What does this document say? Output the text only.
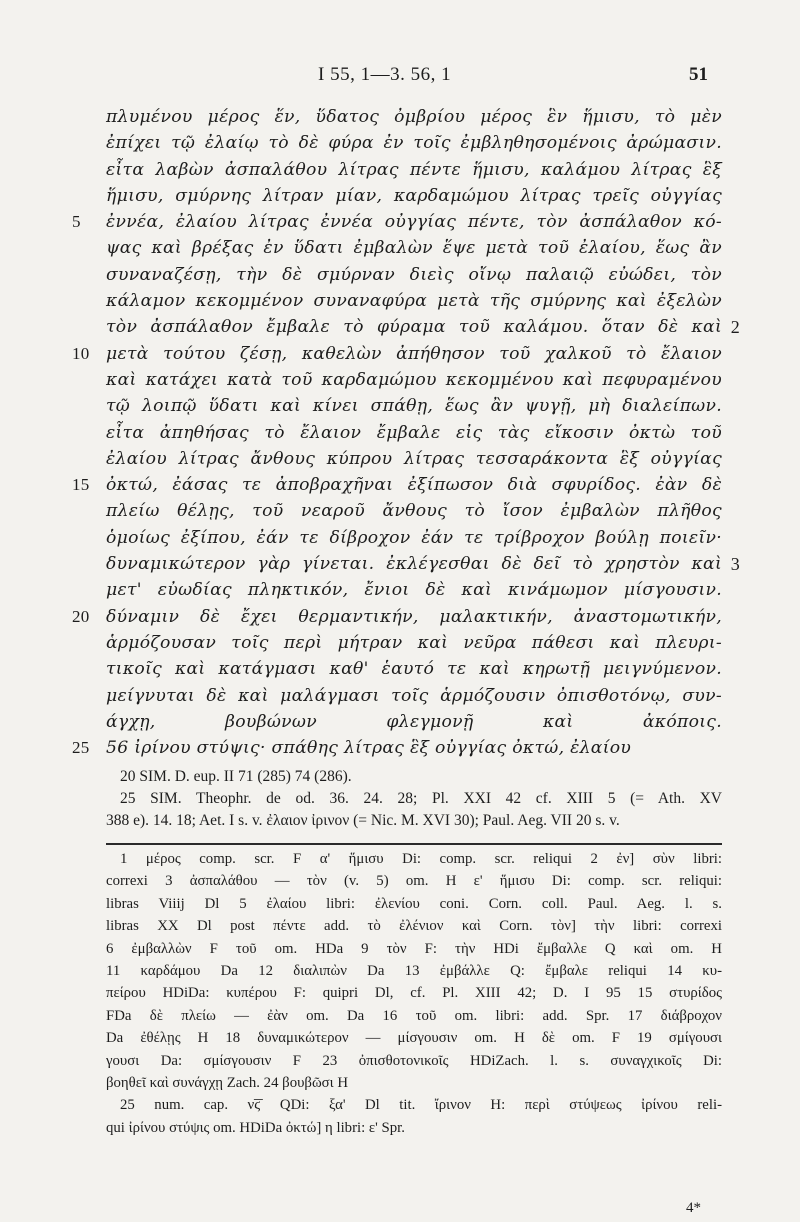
I 55, 1—3. 56, 1	51
πλυμένου μέρος ἕν, ὕδατος ὀμβρίου μέρος ἓν ἥμισυ, τὸ μὲν
ἐπίχει τῷ ἐλαίῳ τὸ δὲ φύρα ἐν τοῖς ἐμβληθησομένοις ἀρώμασιν.
εἶτα λαβὼν ἀσπαλάθου λίτρας πέντε ἥμισυ, καλάμου λίτρας ἓξ
ἥμισυ, σμύρνης λίτραν μίαν, καρδαμώμου λίτρας τρεῖς οὐγγίας
5 ἐννέα, ἐλαίου λίτρας ἐννέα οὐγγίας πέντε, τὸν ἀσπάλαθον κό-
ψας καὶ βρέξας ἐν ὕδατι ἐμβαλὼν ἕψε μετὰ τοῦ ἐλαίου, ἕως ἂν
συναναζέσῃ, τὴν δὲ σμύρναν διεὶς οἴνῳ παλαιῷ εὐώδει, τὸν
κάλαμον κεκομμένον συναναφύρα μετὰ τῆς σμύρνης καὶ ἐξελὼν
τὸν ἀσπάλαθον ἔμβαλε τὸ φύραμα τοῦ καλάμου. ὅταν δὲ καὶ 2
10 μετὰ τούτου ζέσῃ, καθελὼν ἀπήθησον τοῦ χαλκοῦ τὸ ἔλαιον
καὶ κατάχει κατὰ τοῦ καρδαμώμου κεκομμένου καὶ πεφυραμένου
τῷ λοιπῷ ὕδατι καὶ κίνει σπάθῃ, ἕως ἂν ψυγῇ, μὴ διαλείπων.
εἶτα ἀπηθήσας τὸ ἔλαιον ἔμβαλε εἰς τὰς εἴκοσιν ὀκτὼ τοῦ
ἐλαίου λίτρας ἄνθους κύπρου λίτρας τεσσαράκοντα ἓξ οὐγγίας
15 ὀκτώ, ἐάσας τε ἀποβραχῆναι ἐξίπωσον διὰ σφυρίδος. ἐὰν δὲ
πλείω θέλῃς, τοῦ νεαροῦ ἄνθους τὸ ἴσον ἐμβαλὼν πλῆθος
ὁμοίως ἐξίπου, ἐάν τε δίβροχον ἐάν τε τρίβροχον βούλῃ ποιεῖν·
δυναμικώτερον γὰρ γίνεται. ἐκλέγεσθαι δὲ δεῖ τὸ χρηστὸν καὶ 3
μετ' εὐωδίας πληκτικόν, ἔνιοι δὲ καὶ κινάμωμον μίσγουσιν.
20 δύναμιν δὲ ἔχει θερμαντικήν, μαλακτικήν, ἀναστομωτικήν,
ἁρμόζουσαν τοῖς περὶ μήτραν καὶ νεῦρα πάθεσι καὶ πλευρι-
τικοῖς καὶ κατάγμασι καθ' ἑαυτό τε καὶ κηρωτῇ μειγνύμενον.
μείγνυται δὲ καὶ μαλάγμασι τοῖς ἁρμόζουσιν ὀπισθοτόνῳ, συν-
άγχῃ, βουβώνων φλεγμονῇ καὶ ἀκόποις.
25 56 ἰρίνου στύψις· σπάθης λίτρας ἓξ οὐγγίας ὀκτώ, ἐλαίου
20 SIM. D. eup. II 71 (285) 74 (286).
25 SIM. Theophr. de od. 36. 24. 28; Pl. XXI 42 cf. XIII 5 (= Ath. XV
388 e). 14. 18; Aet. I s. v. ἐλαιον ἰρινον (= Nic. M. XVI 30); Paul. Aeg. VII 20 s. v.
1 μέρος comp. scr. F α' ἥμισυ Di: comp. scr. reliqui 2 ἐν] σὺν libri:
correxi 3 ἀσπαλάθου — τὸν (v. 5) om. H ε' ἥμισυ Di: comp. scr. reliqui:
libras Viiij Dl 5 ἐλαίου libri: ἐλενίου coni. Corn. coll. Paul. Aeg. l. s.
libras XX Dl post πέντε add. τὸ ἐλένιον καὶ Corn. τὸν] τὴν libri: correxi
6 ἐμβαλλὼν F τοῦ om. HDa 9 τὸν F: τὴν HDi ἔμβαλλε Q καὶ om. H
11 καρδάμου Da 12 διαλιπὼν Da 13 ἐμβάλλε Q: ἔμβαλε reliqui 14 κυ-
πείρου HDiDa: κυπέρου F: quipri Dl, cf. Pl. XIII 42; D. I 95 15 στυρίδος
FDa δὲ πλείω — ἐὰν om. Da 16 τοῦ om. libri: add. Spr. 17 διάβροχον
Da ἐθέλῃς H 18 δυναμικώτερον — μίσγουσιν om. H δὲ om. F 19 σμίγουσι
γουσι Da: σμίσγουσιν F 23 ὀπισθοτονικοῖς HDiZach. l. s. συναγχικοῖς Di:
βοηθεῖ καὶ συνάγχῃ Zach. 24 βουβῶσι H
25 num. cap. ν͞ϛ QDi: ξα' Dl tit. ἴρινον H: περὶ στύψεως ἰρίνου reli-
qui ἰρίνου στύψις om. HDiDa ὀκτώ] η libri: ε' Spr.
4*
